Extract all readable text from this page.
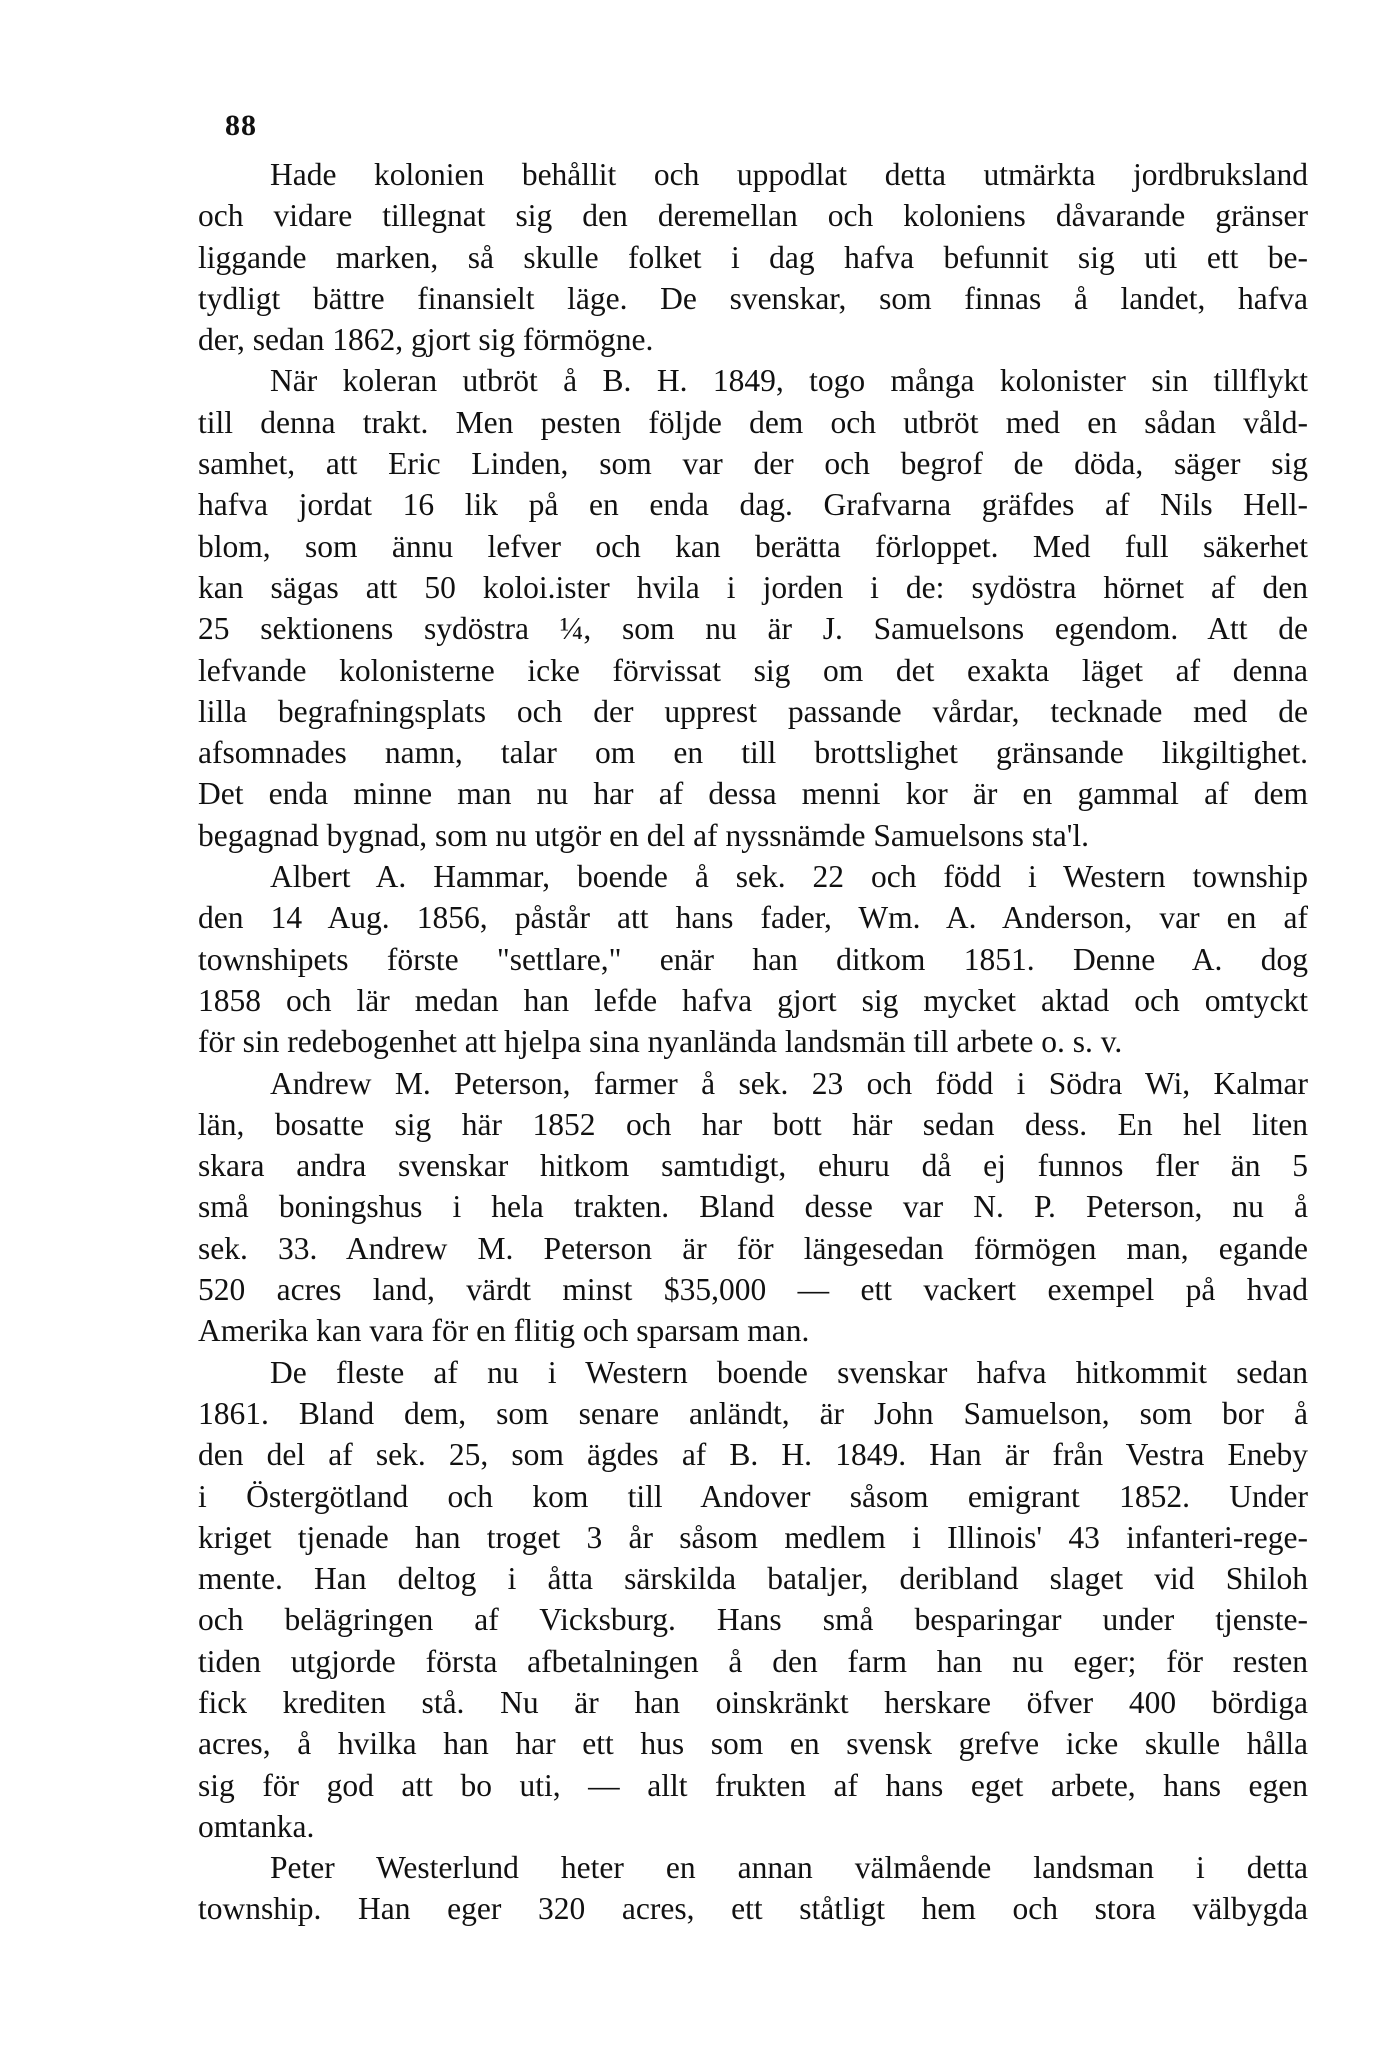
88
Hade kolonien behållit och uppodlat detta utmärkta jordbruksland
och vidare tillegnat sig den deremellan och koloniens dåvarande gränser
liggande marken, så skulle folket i dag hafva befunnit sig uti ett be-
tydligt bättre finansielt läge. De svenskar, som finnas å landet, hafva
der, sedan 1862, gjort sig förmögne.
När koleran utbröt å B. H. 1849, togo många kolonister sin tillflykt
till denna trakt. Men pesten följde dem och utbröt med en sådan våld-
samhet, att Eric Linden, som var der och begrof de döda, säger sig
hafva jordat 16 lik på en enda dag. Grafvarna gräfdes af Nils Hell-
blom, som ännu lefver och kan berätta förloppet. Med full säkerhet
kan sägas att 50 koloi.ister hvila i jorden i de: sydöstra hörnet af den
25 sektionens sydöstra ¼, som nu är J. Samuelsons egendom. Att de
lefvande kolonisterne icke förvissat sig om det exakta läget af denna
lilla begrafningsplats och der upprest passande vårdar, tecknade med de
afsomnades namn, talar om en till brottslighet gränsande likgiltighet.
Det enda minne man nu har af dessa menni kor är en gammal af dem
begagnad bygnad, som nu utgör en del af nyssnämde Samuelsons sta'l.
Albert A. Hammar, boende å sek. 22 och född i Western township
den 14 Aug. 1856, påstår att hans fader, Wm. A. Anderson, var en af
townshipets förste "settlare," enär han ditkom 1851. Denne A. dog
1858 och lär medan han lefde hafva gjort sig mycket aktad och omtyckt
för sin redebogenhet att hjelpa sina nyanlända landsmän till arbete o. s. v.
Andrew M. Peterson, farmer å sek. 23 och född i Södra Wi, Kalmar
län, bosatte sig här 1852 och har bott här sedan dess. En hel liten
skara andra svenskar hitkom samtıdigt, ehuru då ej funnos fler än 5
små boningshus i hela trakten. Bland desse var N. P. Peterson, nu å
sek. 33. Andrew M. Peterson är för längesedan förmögen man, egande
520 acres land, värdt minst $35,000 — ett vackert exempel på hvad
Amerika kan vara för en flitig och sparsam man.
De fleste af nu i Western boende svenskar hafva hitkommit sedan
1861. Bland dem, som senare anländt, är John Samuelson, som bor å
den del af sek. 25, som ägdes af B. H. 1849. Han är från Vestra Eneby
i Östergötland och kom till Andover såsom emigrant 1852. Under
kriget tjenade han troget 3 år såsom medlem i Illinois' 43 infanteri-rege-
mente. Han deltog i åtta särskilda bataljer, deribland slaget vid Shiloh
och belägringen af Vicksburg. Hans små besparingar under tjenste-
tiden utgjorde första afbetalningen å den farm han nu eger; för resten
fick krediten stå. Nu är han oinskränkt herskare öfver 400 bördiga
acres, å hvilka han har ett hus som en svensk grefve icke skulle hålla
sig för god att bo uti, — allt frukten af hans eget arbete, hans egen
omtanka.
Peter Westerlund heter en annan välmående landsman i detta
township. Han eger 320 acres, ett ståtligt hem och stora välbygda
